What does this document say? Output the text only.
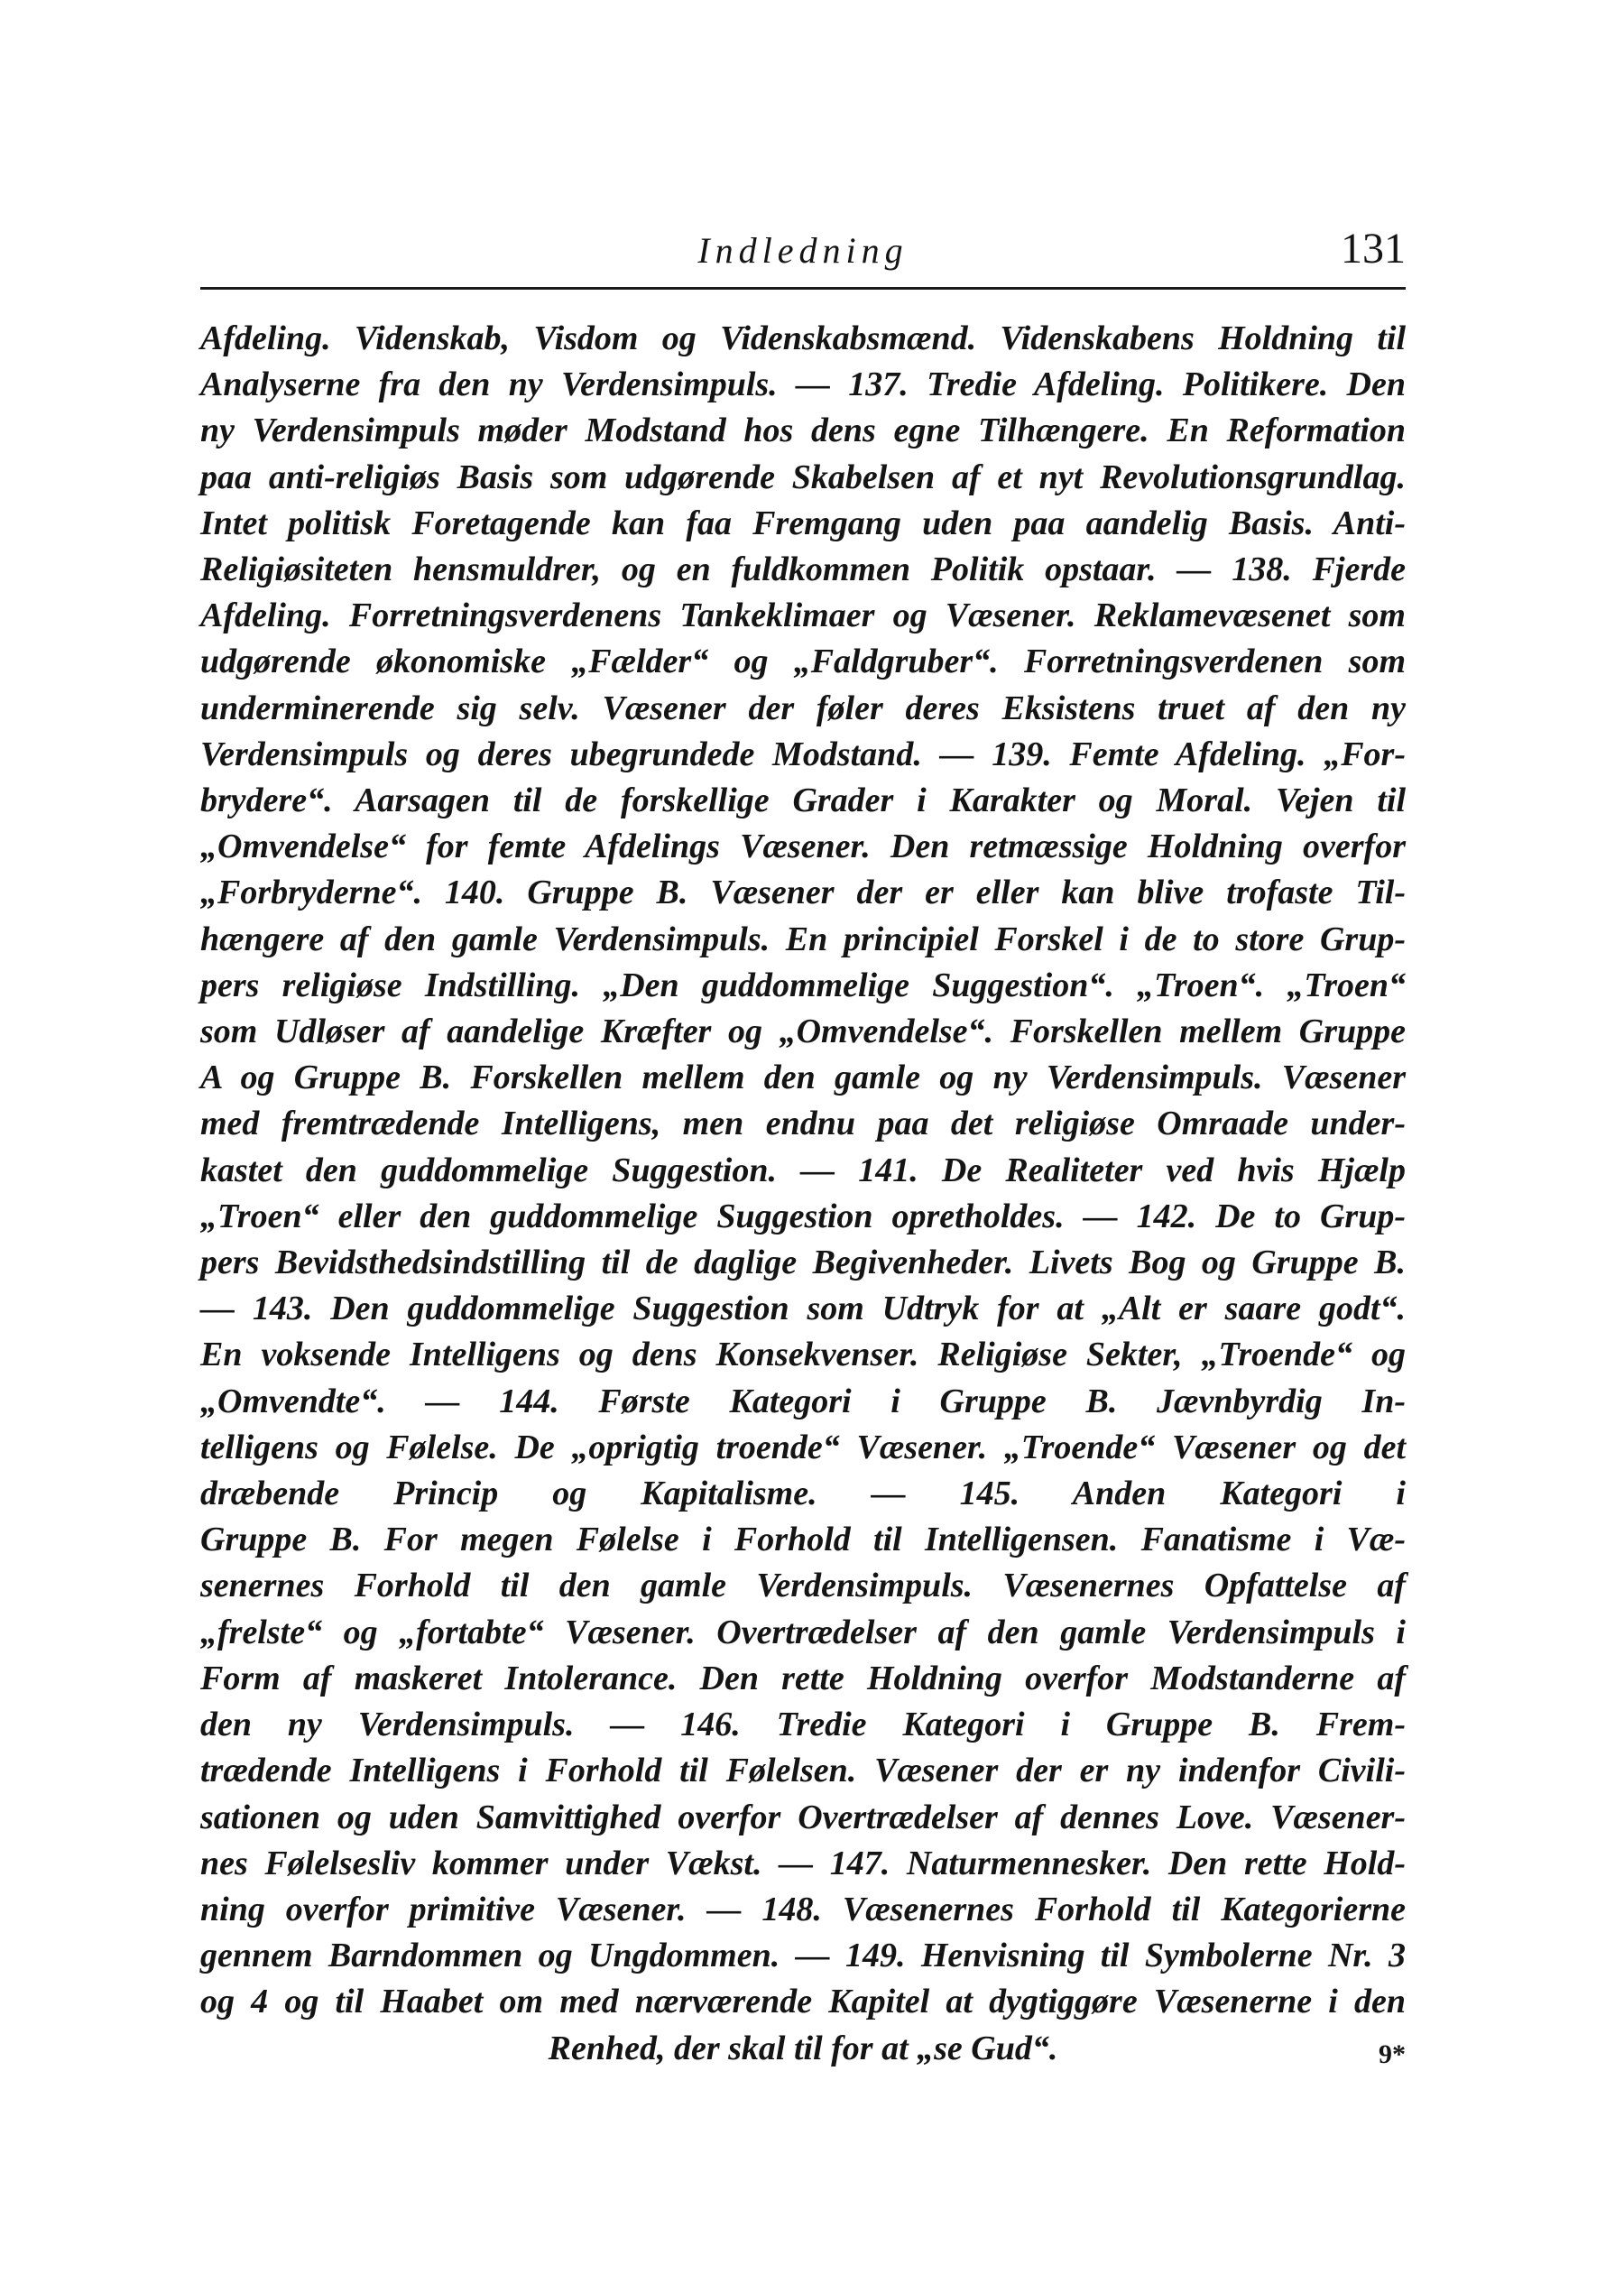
Indledning	131
Afdeling. Videnskab, Visdom og Videnskabsmænd. Videnskabens Holdning til
Analyserne fra den ny Verdensimpuls. — 137. Tredie Afdeling. Politikere. Den
ny Verdensimpuls møder Modstand hos dens egne Tilhængere. En Reformation
paa anti-religiøs Basis som udgørende Skabelsen af et nyt Revolutionsgrundlag.
Intet politisk Foretagende kan faa Fremgang uden paa aandelig Basis. Anti-
Religiøsiteten hensmuldrer, og en fuldkommen Politik opstaar. — 138. Fjerde
Afdeling. Forretningsverdenens Tankeklimaer og Væsener. Reklamevæsenet som
udgørende økonomiske „Fælder“ og „Faldgruber“. Forretningsverdenen som
underminerende sig selv. Væsener der føler deres Eksistens truet af den ny
Verdensimpuls og deres ubegrundede Modstand. — 139. Femte Afdeling. „For-
brydere“. Aarsagen til de forskellige Grader i Karakter og Moral. Vejen til
„Omvendelse“ for femte Afdelings Væsener. Den retmæssige Holdning overfor
„Forbryderne“. 140. Gruppe B. Væsener der er eller kan blive trofaste Til-
hængere af den gamle Verdensimpuls. En principiel Forskel i de to store Grup-
pers religiøse Indstilling. „Den guddommelige Suggestion“. „Troen“. „Troen“
som Udløser af aandelige Kræfter og „Omvendelse“. Forskellen mellem Gruppe
A og Gruppe B. Forskellen mellem den gamle og ny Verdensimpuls. Væsener
med fremtrædende Intelligens, men endnu paa det religiøse Omraade under-
kastet den guddommelige Suggestion. — 141. De Realiteter ved hvis Hjælp
„Troen“ eller den guddommelige Suggestion opretholdes. — 142. De to Grup-
pers Bevidsthedsindstilling til de daglige Begivenheder. Livets Bog og Gruppe B.
— 143. Den guddommelige Suggestion som Udtryk for at „Alt er saare godt“.
En voksende Intelligens og dens Konsekvenser. Religiøse Sekter, „Troende“ og
„Omvendte“. — 144. Første Kategori i Gruppe B. Jævnbyrdig In-
telligens og Følelse. De „oprigtig troende“ Væsener. „Troende“ Væsener og det
dræbende Princip og Kapitalisme. — 145. Anden Kategori i
Gruppe B. For megen Følelse i Forhold til Intelligensen. Fanatisme i Væ-
senernes Forhold til den gamle Verdensimpuls. Væsenernes Opfattelse af
„frelste“ og „fortabte“ Væsener. Overtrædelser af den gamle Verdensimpuls i
Form af maskeret Intolerance. Den rette Holdning overfor Modstanderne af
den ny Verdensimpuls. — 146. Tredie Kategori i Gruppe B. Frem-
trædende Intelligens i Forhold til Følelsen. Væsener der er ny indenfor Civili-
sationen og uden Samvittighed overfor Overtrædelser af dennes Love. Væsener-
nes Følelsesliv kommer under Vækst. — 147. Naturmennesker. Den rette Hold-
ning overfor primitive Væsener. — 148. Væsenernes Forhold til Kategorierne
gennem Barndommen og Ungdommen. — 149. Henvisning til Symbolerne Nr. 3
og 4 og til Haabet om med nærværende Kapitel at dygtiggøre Væsenerne i den
Renhed, der skal til for at „se Gud“.	9*
